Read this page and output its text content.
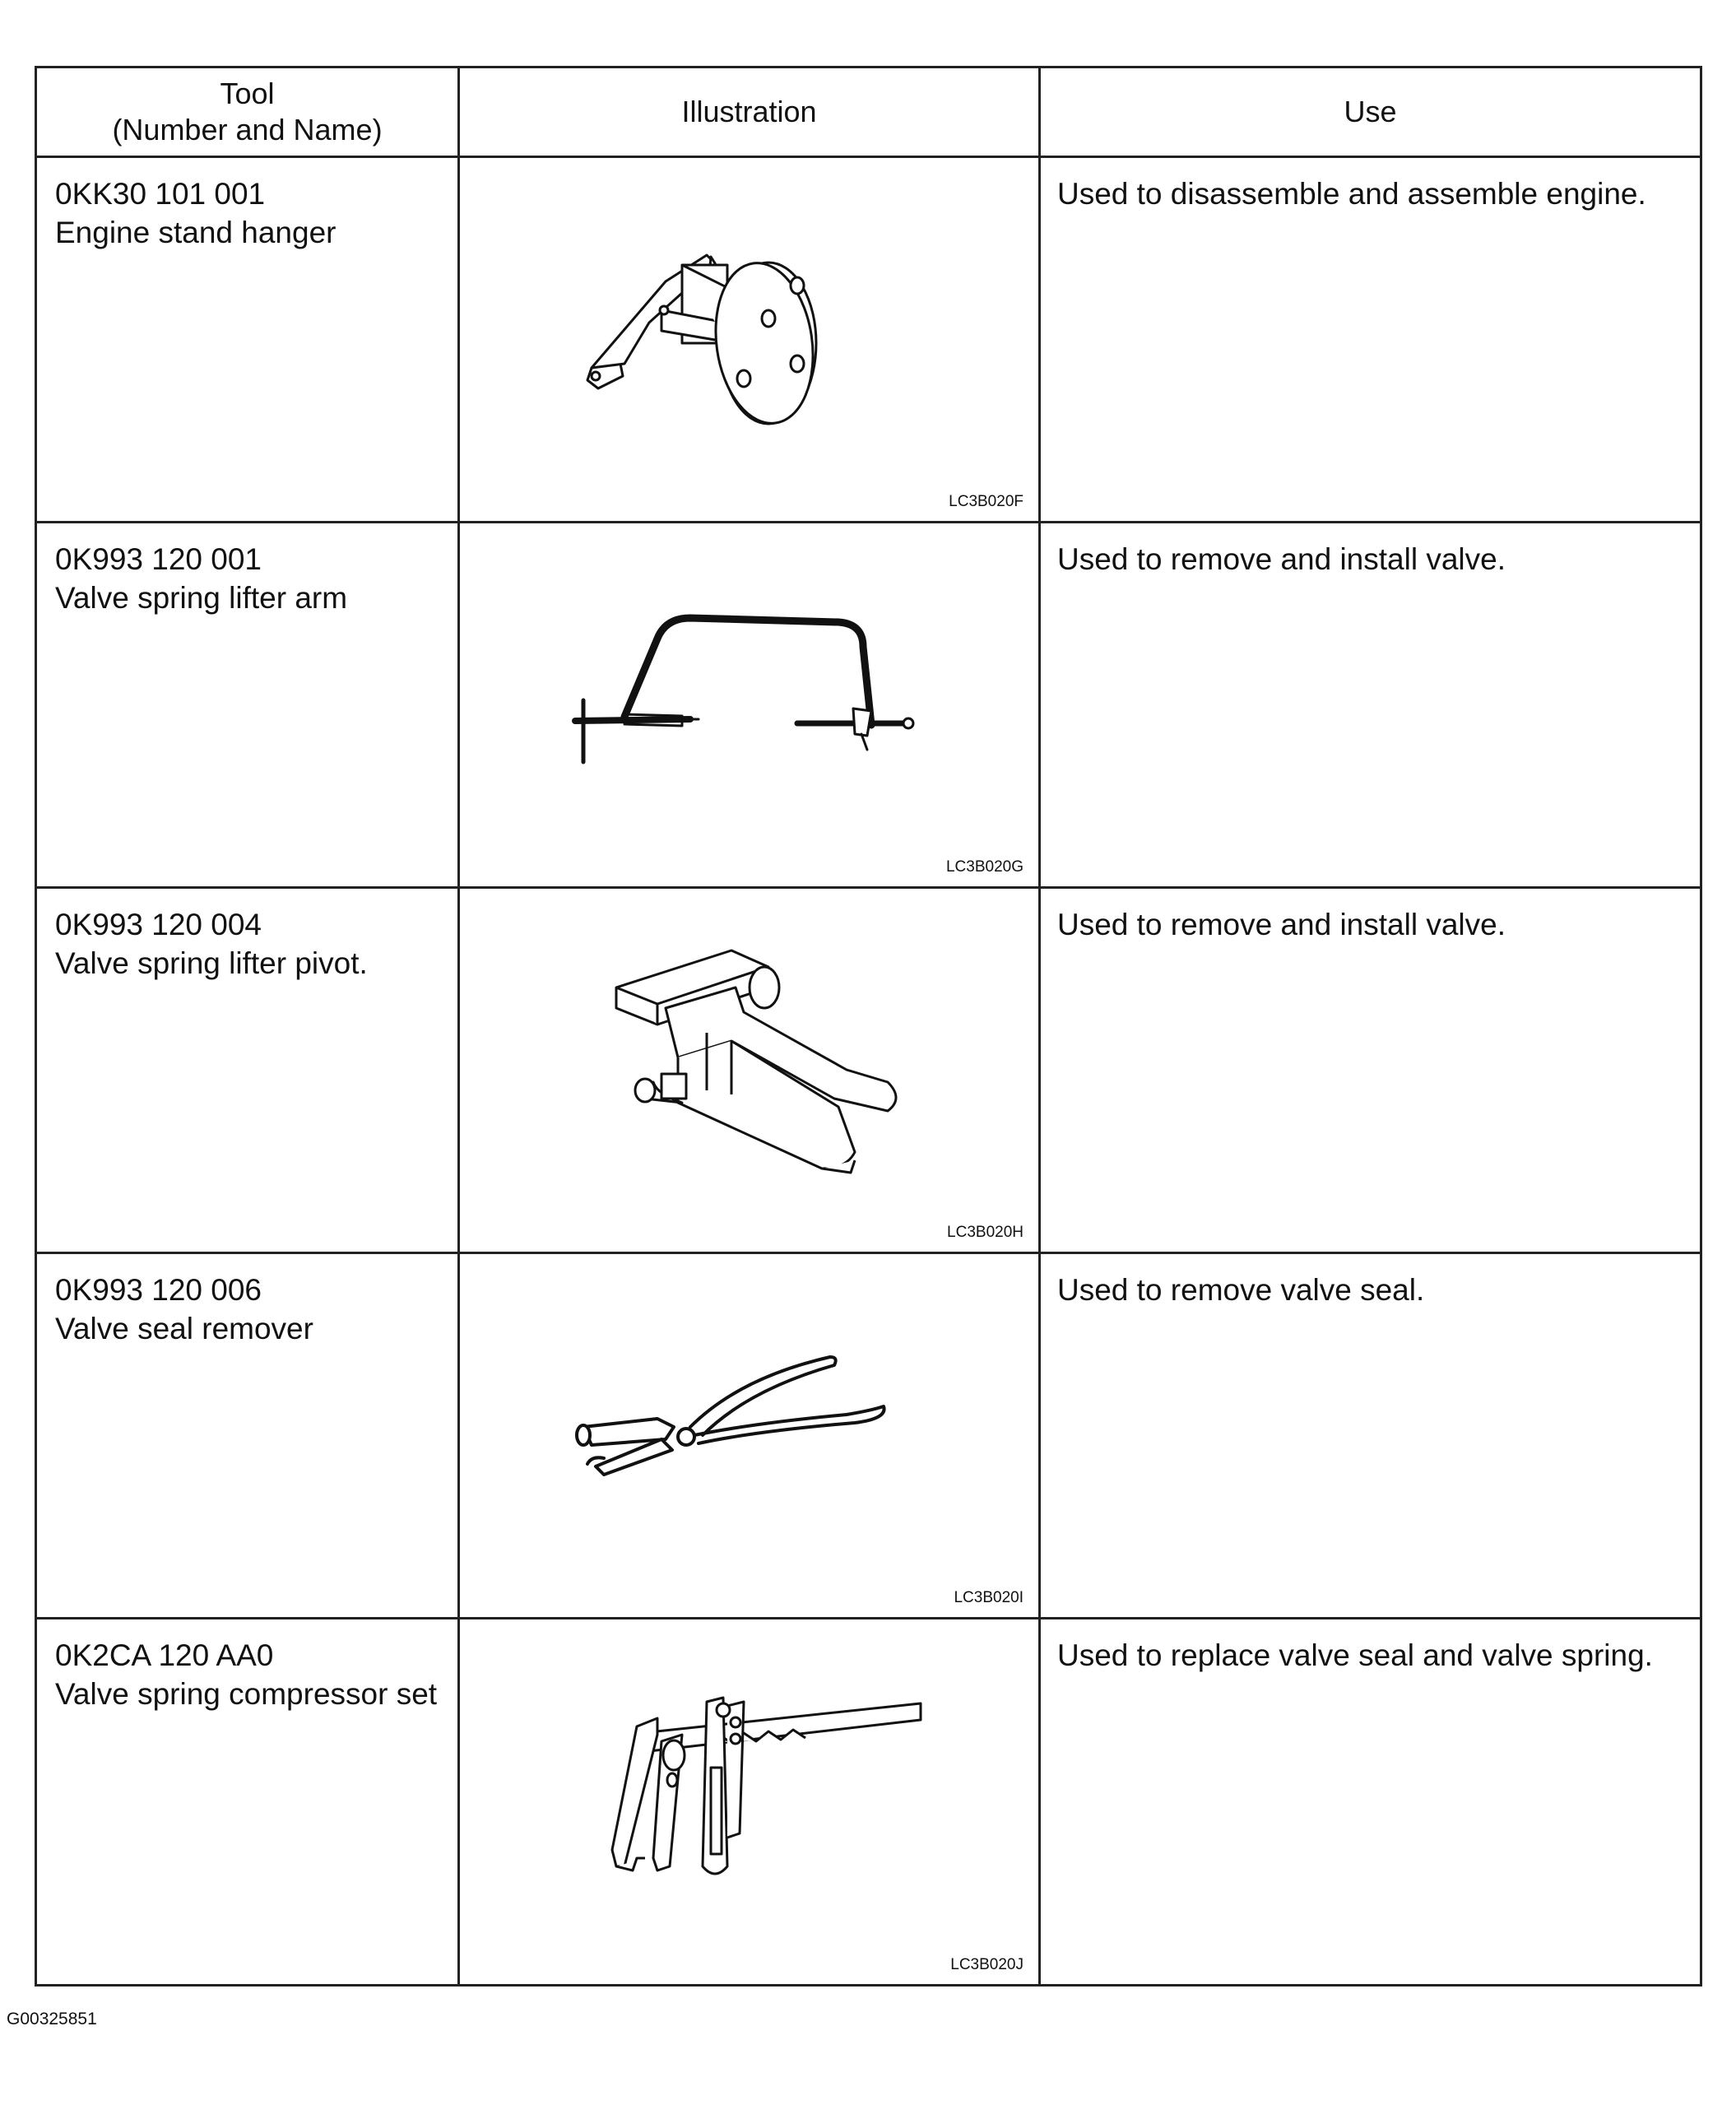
Tool
(Number and Name)	Illustration	Use

0KK30 101 001
Engine stand hanger	LC3B020F	Used to disassemble and assemble engine.

0K993 120 001
Valve spring lifter arm	LC3B020G	Used to remove and install valve.

0K993 120 004
Valve spring lifter pivot.	LC3B020H	Used to remove and install valve.

0K993 120 006
Valve seal remover	LC3B020I	Used to remove valve seal.

0K2CA 120 AA0
Valve spring compressor set	LC3B020J	Used to replace valve seal and valve spring.
G00325851
